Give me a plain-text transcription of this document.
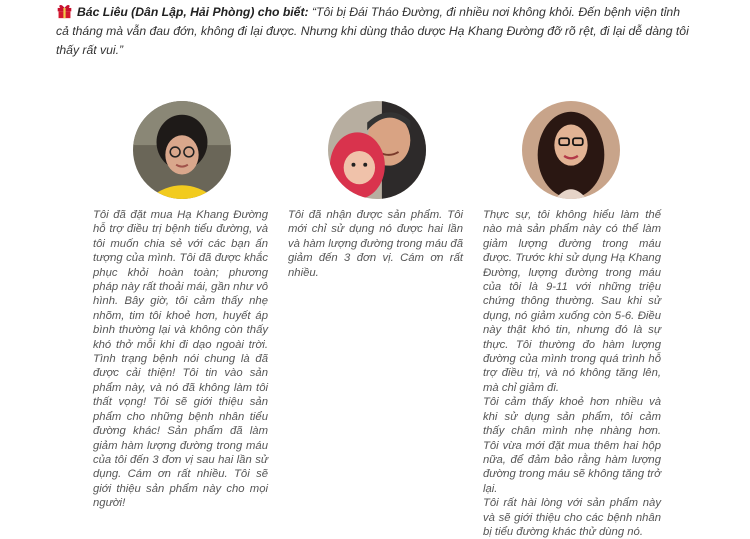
Bác Liêu (Dân Lập, Hải Phòng) cho biết: “Tôi bị Đái Tháo Đường, đi nhiều nơi không khỏi. Đến bệnh viện tỉnh cả tháng mà vẫn đau đớn, không đi lại được. Nhưng khi dùng thảo dược Hạ Khang Đường đỡ rõ rệt, đi lại dễ dàng tôi thấy rất vui.”

Tôi đã đặt mua Hạ Khang Đường hỗ trợ điều trị bệnh tiểu đường, và tôi muốn chia sẻ với các bạn ấn tượng của mình. Tôi đã được khắc phục khỏi hoàn toàn; phương pháp này rất thoải mái, gần như vô hình. Bây giờ, tôi cảm thấy nhẹ nhõm, tim tôi khoẻ hơn, huyết áp bình thường lại và không còn thấy khó thở mỗi khi đi dạo ngoài trời. Tình trạng bệnh nói chung là đã được cải thiện! Tôi tin vào sản phẩm này, và nó đã không làm tôi thất vọng! Tôi sẽ giới thiệu sản phẩm cho những bệnh nhân tiểu đường khác! Sản phẩm đã làm giảm hàm lượng đường trong máu của tôi đến 3 đơn vị sau hai lần sử dụng. Cám ơn rất nhiều. Tôi sẽ giới thiệu sản phẩm này cho mọi người!

Tôi đã nhận được sản phẩm. Tôi mới chỉ sử dụng nó được hai lần và hàm lượng đường trong máu đã giảm đến 3 đơn vị. Cám ơn rất nhiều.

Thực sự, tôi không hiểu làm thế nào mà sản phẩm này có thể làm giảm lượng đường trong máu được. Trước khi sử dụng Hạ Khang Đường, lượng đường trong máu của tôi là 9-11 với những triệu chứng thông thường. Sau khi sử dụng, nó giảm xuống còn 5-6. Điều này thật khó tin, nhưng đó là sự thực. Tôi thường đo hàm lượng đường của mình trong quá trình hỗ trợ điều trị, và nó không tăng lên, mà chỉ giảm đi.

Tôi cảm thấy khoẻ hơn nhiều và khi sử dụng sản phẩm, tôi cảm thấy chân mình nhẹ nhàng hơn. Tôi vừa mới đặt mua thêm hai hộp nữa, để đảm bảo rằng hàm lượng đường trong máu sẽ không tăng trở lại.

Tôi rất hài lòng với sản phẩm này và sẽ giới thiệu cho các bệnh nhân bị tiểu đường khác thử dùng nó.
